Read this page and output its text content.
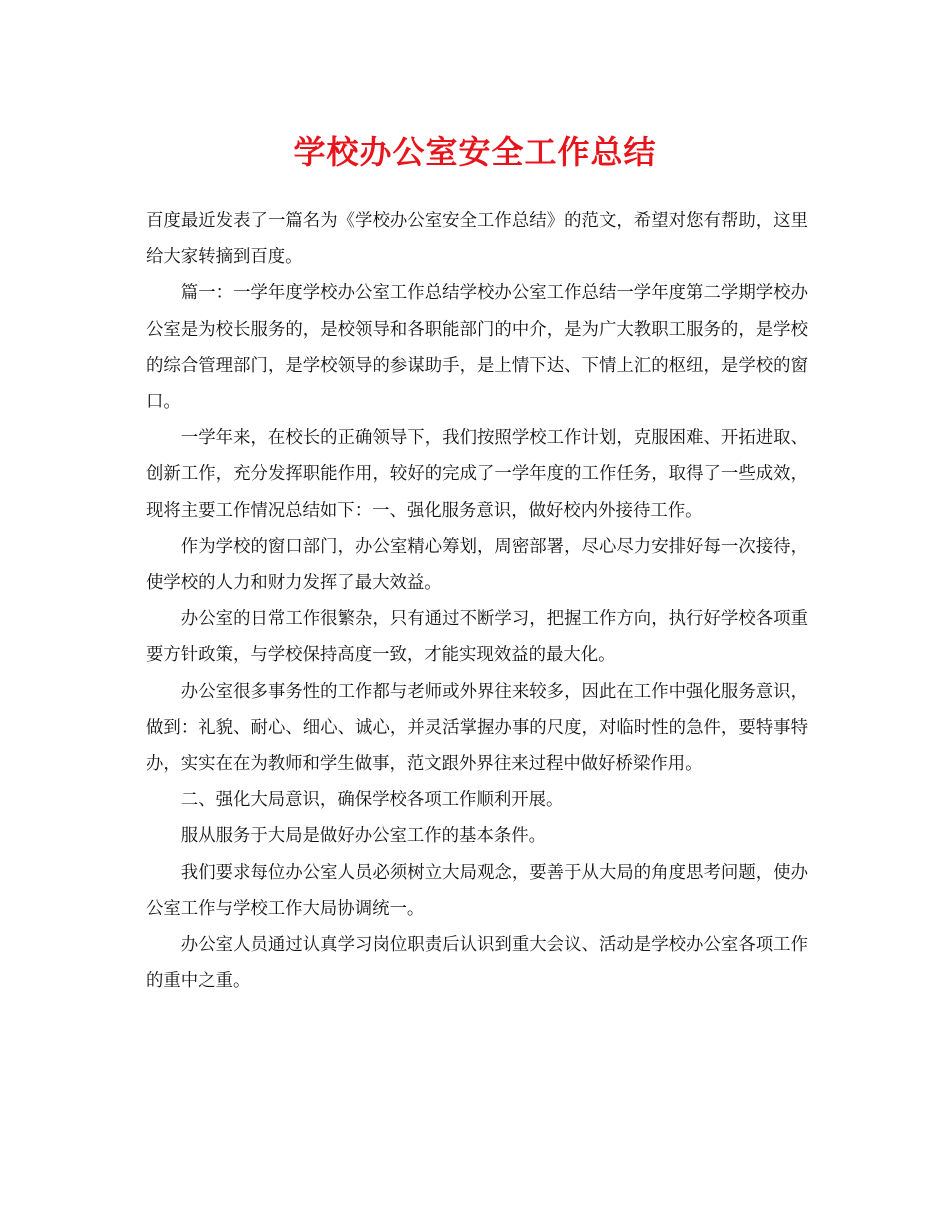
学校办公室安全工作总结

百度最近发表了一篇名为《学校办公室安全工作总结》的范文，希望对您有帮助，这里给大家转摘到百度。

篇一：一学年度学校办公室工作总结学校办公室工作总结一学年度第二学期学校办公室是为校长服务的，是校领导和各职能部门的中介，是为广大教职工服务的，是学校的综合管理部门，是学校领导的参谋助手，是上情下达、下情上汇的枢纽，是学校的窗口。

一学年来，在校长的正确领导下，我们按照学校工作计划，克服困难、开拓进取、创新工作，充分发挥职能作用，较好的完成了一学年度的工作任务，取得了一些成效，现将主要工作情况总结如下：一、强化服务意识，做好校内外接待工作。

作为学校的窗口部门，办公室精心筹划，周密部署，尽心尽力安排好每一次接待，使学校的人力和财力发挥了最大效益。

办公室的日常工作很繁杂，只有通过不断学习，把握工作方向，执行好学校各项重要方针政策，与学校保持高度一致，才能实现效益的最大化。

办公室很多事务性的工作都与老师或外界往来较多，因此在工作中强化服务意识，做到：礼貌、耐心、细心、诚心，并灵活掌握办事的尺度，对临时性的急件，要特事特办，实实在在为教师和学生做事，范文跟外界往来过程中做好桥梁作用。

二、强化大局意识，确保学校各项工作顺利开展。

服从服务于大局是做好办公室工作的基本条件。

我们要求每位办公室人员必须树立大局观念，要善于从大局的角度思考问题，使办公室工作与学校工作大局协调统一。

办公室人员通过认真学习岗位职责后认识到重大会议、活动是学校办公室各项工作的重中之重。
